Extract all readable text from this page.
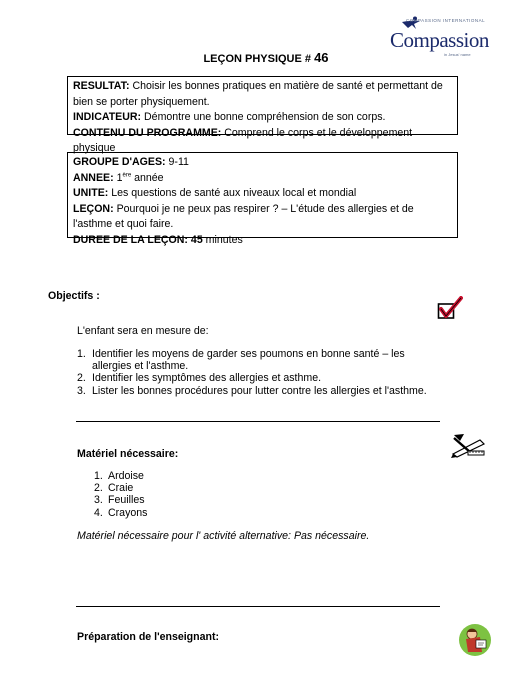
COMPASSION INTERNATIONAL
Compassion
in Jesus' name
LEÇON PHYSIQUE # 46

RESULTAT: Choisir les bonnes pratiques en matière de santé et permettant de bien se porter physiquement.

INDICATEUR: Démontre une bonne compréhension de son corps.

CONTENU DU PROGRAMME: Comprend le corps et le développement physique

GROUPE D'AGES: 9-11

ANNEE: 1ère année

UNITE: Les questions de santé aux niveaux local et mondial

LEÇON: Pourquoi je ne peux pas respirer ? – L'étude des allergies et de l'asthme et quoi faire.

DUREE DE LA LEÇON: 45 minutes

Objectifs :
L'enfant sera en mesure de:
1. Identifier les moyens de garder ses poumons en bonne santé – les allergies et l'asthme.
2. Identifier les symptômes des allergies et asthme.
3. Lister les bonnes procédures pour lutter contre les allergies et l'asthme.
Matériel nécessaire:
1. Ardoise
2. Craie
3. Feuilles
4. Crayons
Matériel nécessaire pour l' activité alternative: Pas nécessaire.
Préparation de l'enseignant:
